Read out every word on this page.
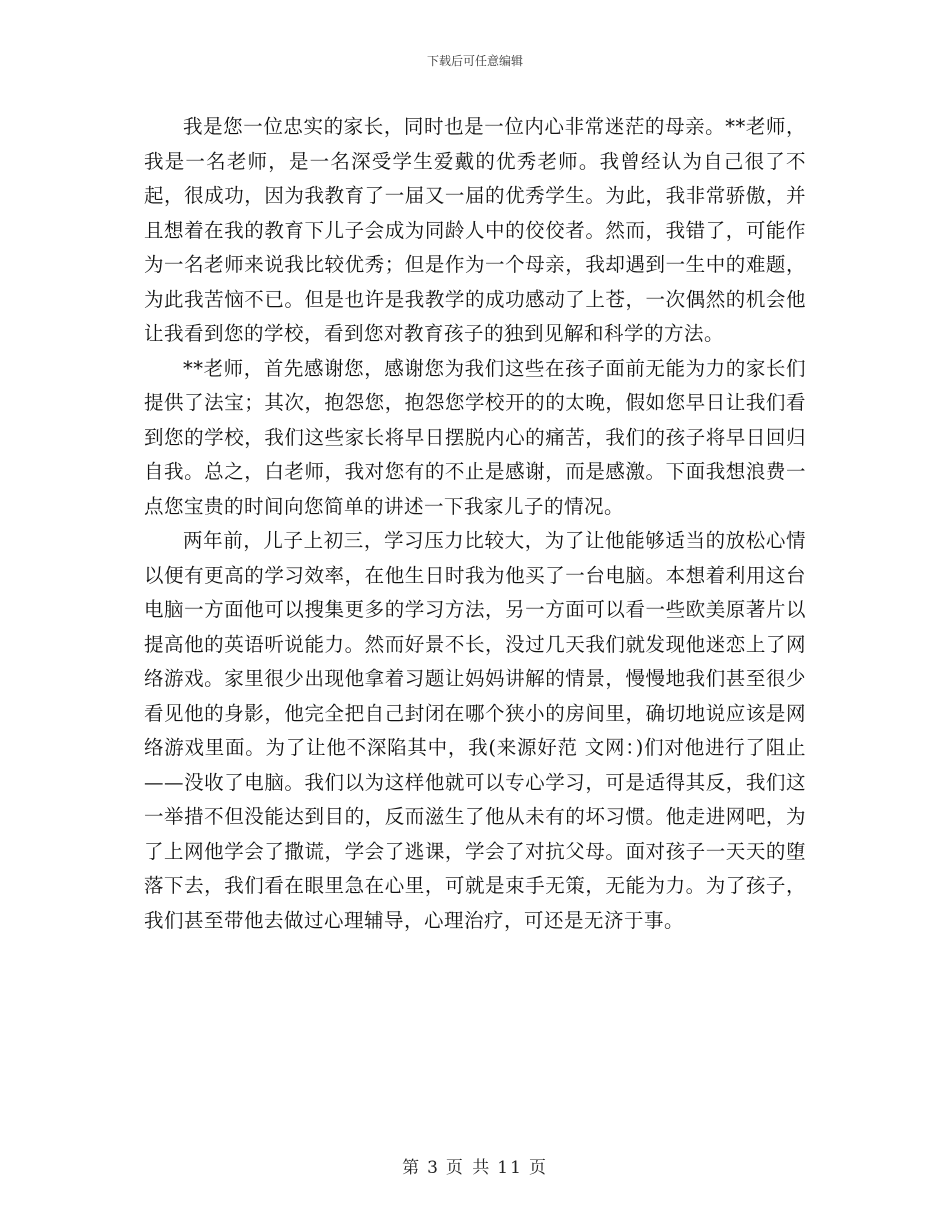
下载后可任意编辑

我是您一位忠实的家长，同时也是一位内心非常迷茫的母亲。**老师，我是一名老师，是一名深受学生爱戴的优秀老师。我曾经认为自己很了不起，很成功，因为我教育了一届又一届的优秀学生。为此，我非常骄傲，并且想着在我的教育下儿子会成为同龄人中的佼佼者。然而，我错了，可能作为一名老师来说我比较优秀；但是作为一个母亲，我却遇到一生中的难题，为此我苦恼不已。但是也许是我教学的成功感动了上苍，一次偶然的机会他让我看到您的学校，看到您对教育孩子的独到见解和科学的方法。

**老师，首先感谢您，感谢您为我们这些在孩子面前无能为力的家长们提供了法宝；其次，抱怨您，抱怨您学校开的的太晚，假如您早日让我们看到您的学校，我们这些家长将早日摆脱内心的痛苦，我们的孩子将早日回归自我。总之，白老师，我对您有的不止是感谢，而是感激。下面我想浪费一点您宝贵的时间向您简单的讲述一下我家儿子的情况。

两年前，儿子上初三，学习压力比较大，为了让他能够适当的放松心情以便有更高的学习效率，在他生日时我为他买了一台电脑。本想着利用这台电脑一方面他可以搜集更多的学习方法，另一方面可以看一些欧美原著片以提高他的英语听说能力。然而好景不长，没过几天我们就发现他迷恋上了网络游戏。家里很少出现他拿着习题让妈妈讲解的情景，慢慢地我们甚至很少看见他的身影，他完全把自己封闭在哪个狭小的房间里，确切地说应该是网络游戏里面。为了让他不深陷其中，我(来源好范 文网：)们对他进行了阻止——没收了电脑。我们以为这样他就可以专心学习，可是适得其反，我们这一举措不但没能达到目的，反而滋生了他从未有的坏习惯。他走进网吧，为了上网他学会了撒谎，学会了逃课，学会了对抗父母。面对孩子一天天的堕落下去，我们看在眼里急在心里，可就是束手无策，无能为力。为了孩子，我们甚至带他去做过心理辅导，心理治疗，可还是无济于事。

第 3 页 共 11 页
